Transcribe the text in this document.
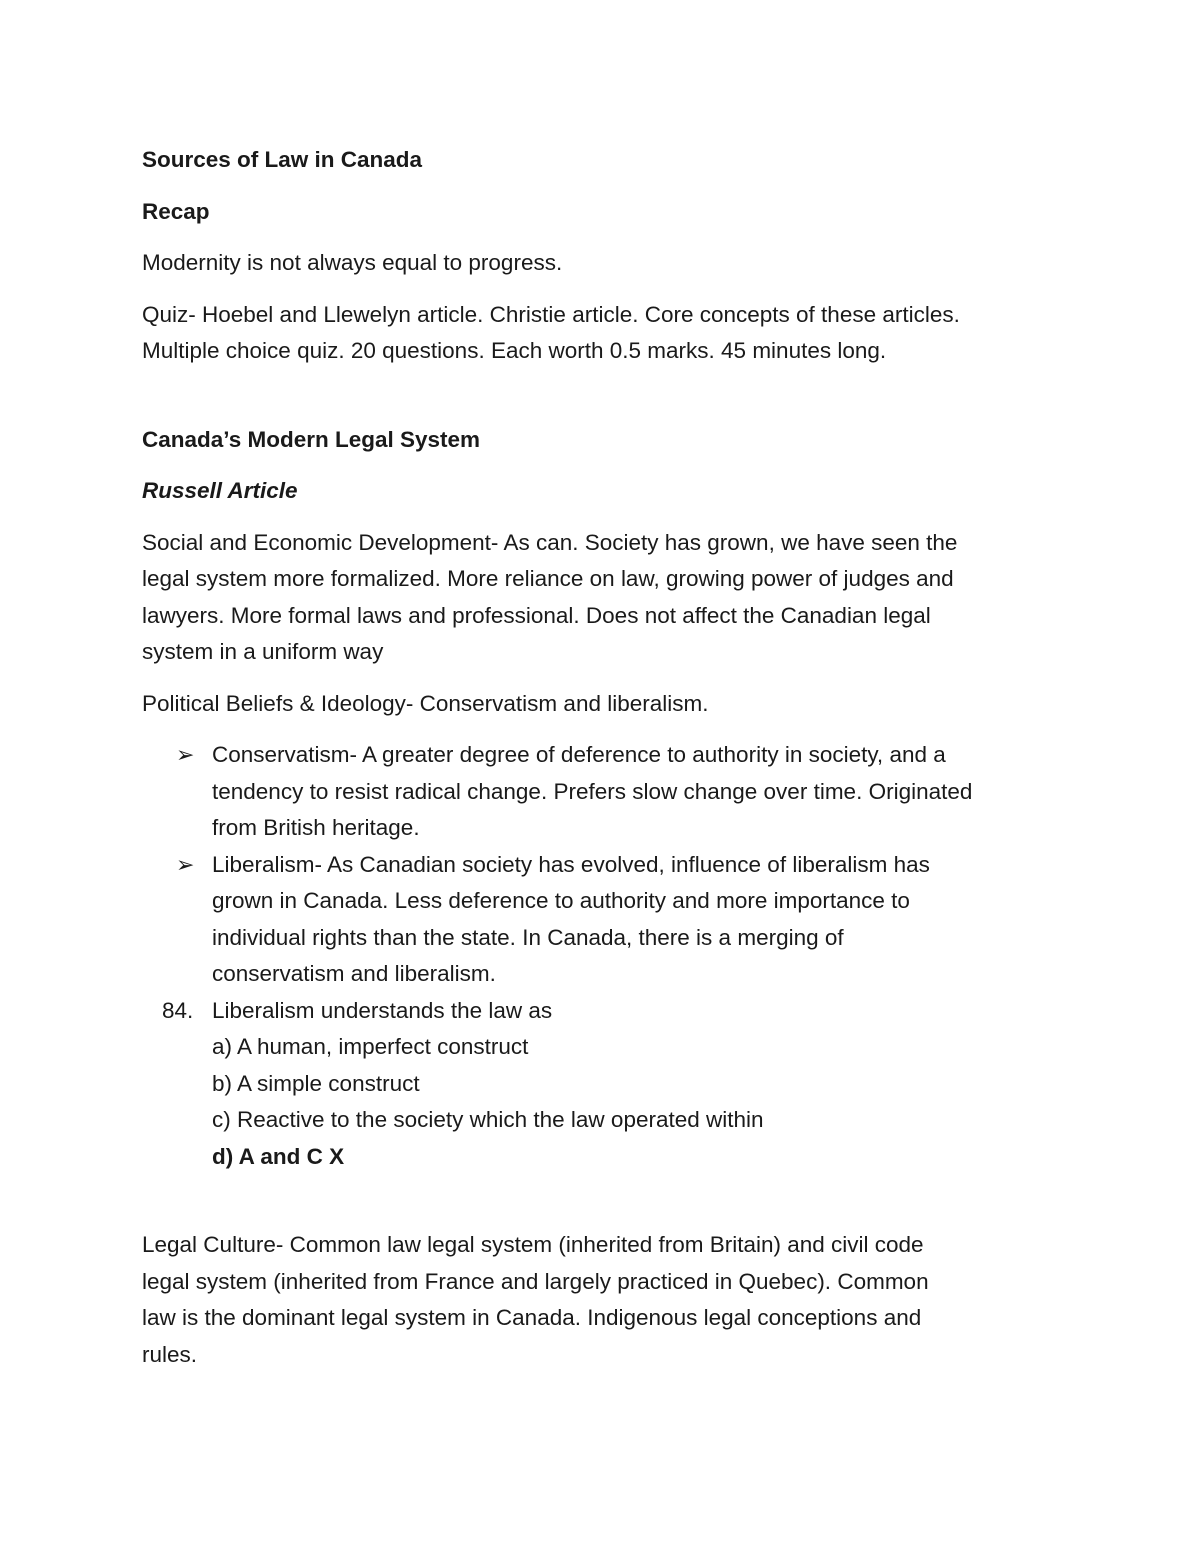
Sources of Law in Canada

Recap

Modernity is not always equal to progress.

Quiz- Hoebel and Llewelyn article. Christie article. Core concepts of these articles.

Multiple choice quiz. 20 questions. Each worth 0.5 marks. 45 minutes long.

Canada’s Modern Legal System

Russell Article

Social and Economic Development- As can. Society has grown, we have seen the

legal system more formalized. More reliance on law, growing power of judges and

lawyers. More formal laws and professional. Does not affect the Canadian legal

system in a uniform way

Political Beliefs & Ideology- Conservatism and liberalism.

➢ Conservatism- A greater degree of deference to authority in society, and a

tendency to resist radical change. Prefers slow change over time. Originated

from British heritage.

➢ Liberalism- As Canadian society has evolved, influence of liberalism has

grown in Canada. Less deference to authority and more importance to

individual rights than the state. In Canada, there is a merging of

conservatism and liberalism.

84. Liberalism understands the law as

a) A human, imperfect construct

b) A simple construct

c) Reactive to the society which the law operated within

d) A and C X

Legal Culture- Common law legal system (inherited from Britain) and civil code

legal system (inherited from France and largely practiced in Quebec). Common

law is the dominant legal system in Canada. Indigenous legal conceptions and

rules.
